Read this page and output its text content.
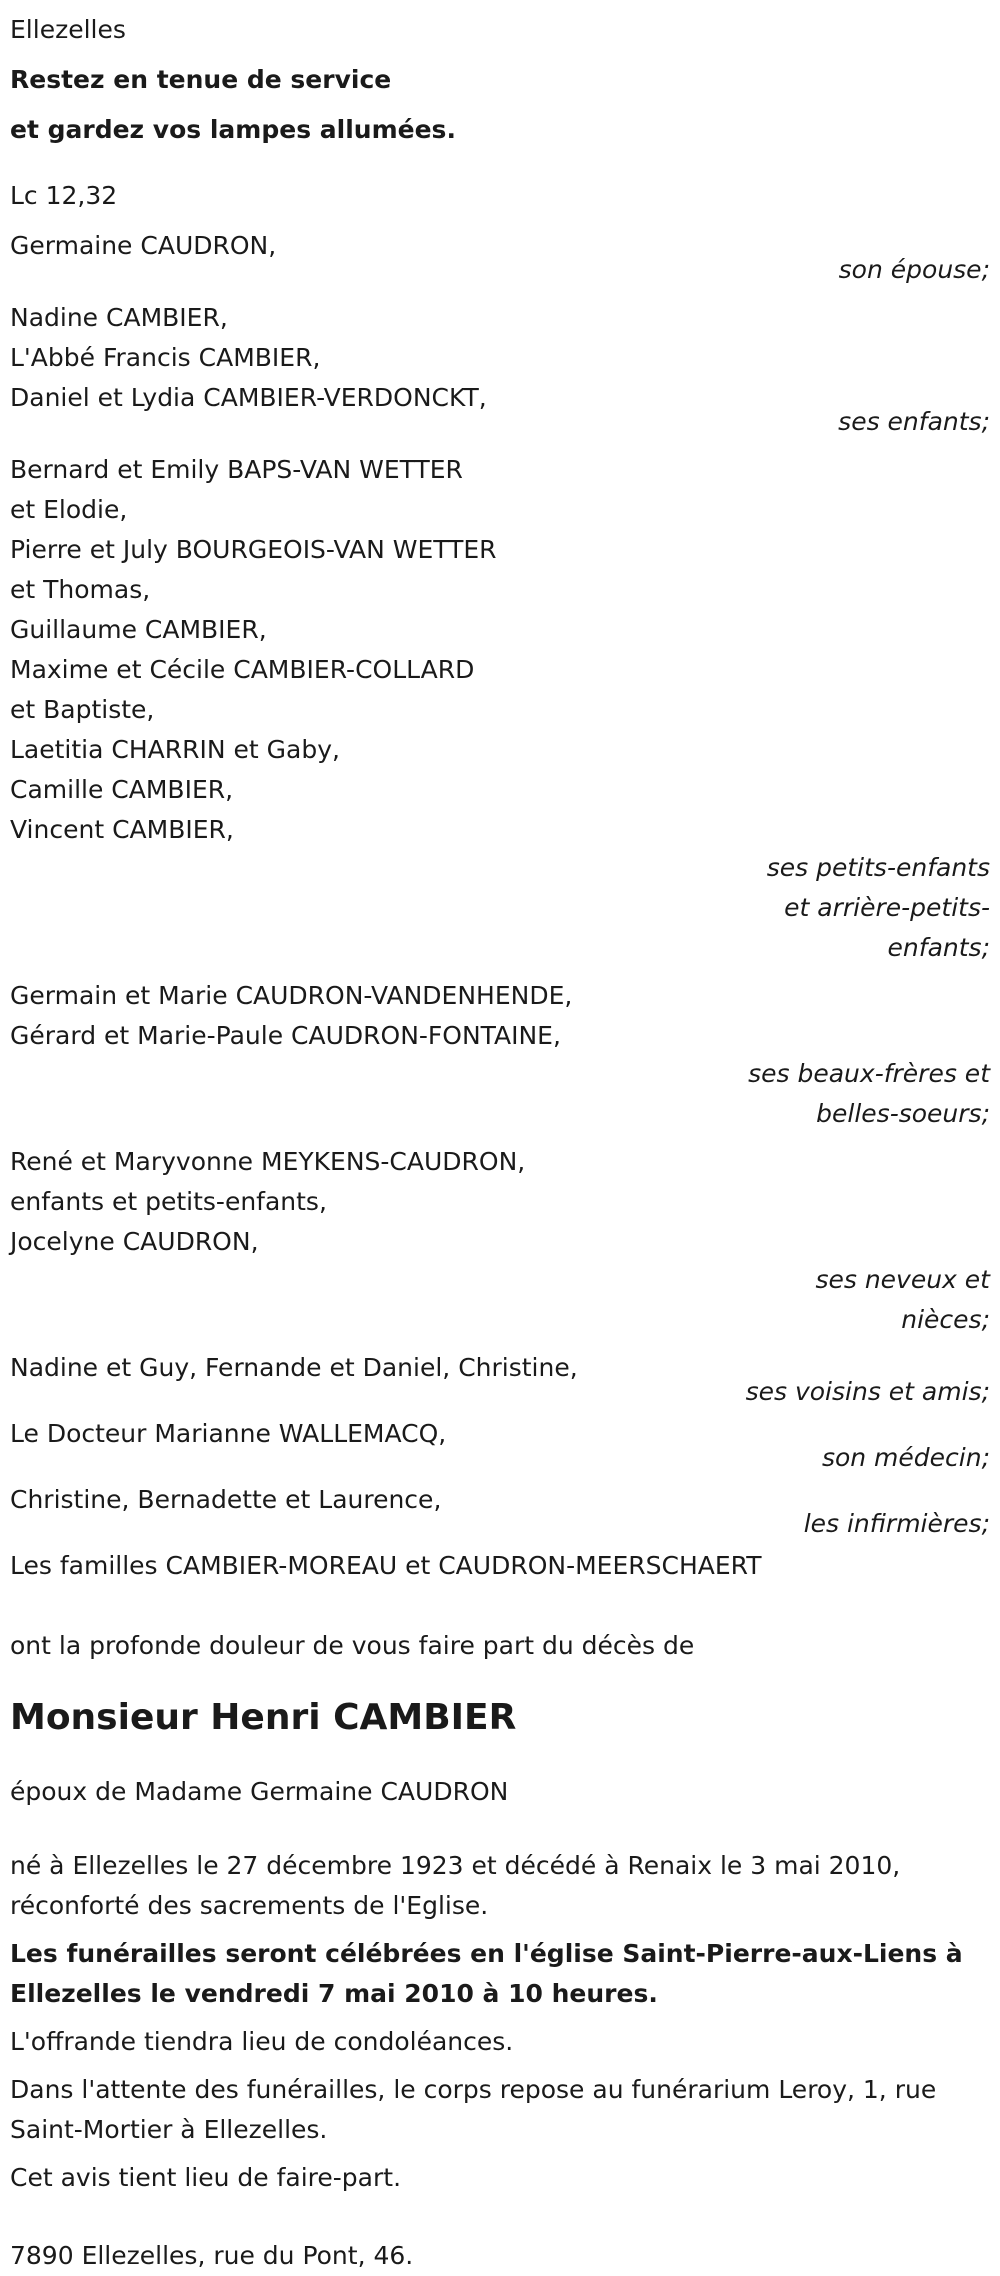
Ellezelles

Restez en tenue de service

et gardez vos lampes allumées.

Lc 12,32

Germaine CAUDRON,

son épouse;

Nadine CAMBIER,

L'Abbé Francis CAMBIER,

Daniel et Lydia CAMBIER-VERDONCKT,

ses enfants;

Bernard et Emily BAPS-VAN WETTER

et Elodie,

Pierre et July BOURGEOIS-VAN WETTER

et Thomas,

Guillaume CAMBIER,

Maxime et Cécile CAMBIER-COLLARD

et Baptiste,

Laetitia CHARRIN et Gaby,

Camille CAMBIER,

Vincent CAMBIER,

ses petits-enfants

et arrière-petits-

enfants;

Germain et Marie CAUDRON-VANDENHENDE,

Gérard et Marie-Paule CAUDRON-FONTAINE,

ses beaux-frères et

belles-soeurs;

René et Maryvonne MEYKENS-CAUDRON,

enfants et petits-enfants,

Jocelyne CAUDRON,

ses neveux et

nièces;

Nadine et Guy, Fernande et Daniel, Christine,

ses voisins et amis;

Le Docteur Marianne WALLEMACQ,

son médecin;

Christine, Bernadette et Laurence,

les infirmières;

Les familles CAMBIER-MOREAU et CAUDRON-MEERSCHAERT

ont la profonde douleur de vous faire part du décès de

Monsieur Henri CAMBIER

époux de Madame Germaine CAUDRON

né à Ellezelles le 27 décembre 1923 et décédé à Renaix le 3 mai 2010,

réconforté des sacrements de l'Eglise.

Les funérailles seront célébrées en l'église Saint-Pierre-aux-Liens à

Ellezelles le vendredi 7 mai 2010 à 10 heures.

L'offrande tiendra lieu de condoléances.

Dans l'attente des funérailles, le corps repose au funérarium Leroy, 1, rue

Saint-Mortier à Ellezelles.

Cet avis tient lieu de faire-part.

7890 Ellezelles, rue du Pont, 46.
